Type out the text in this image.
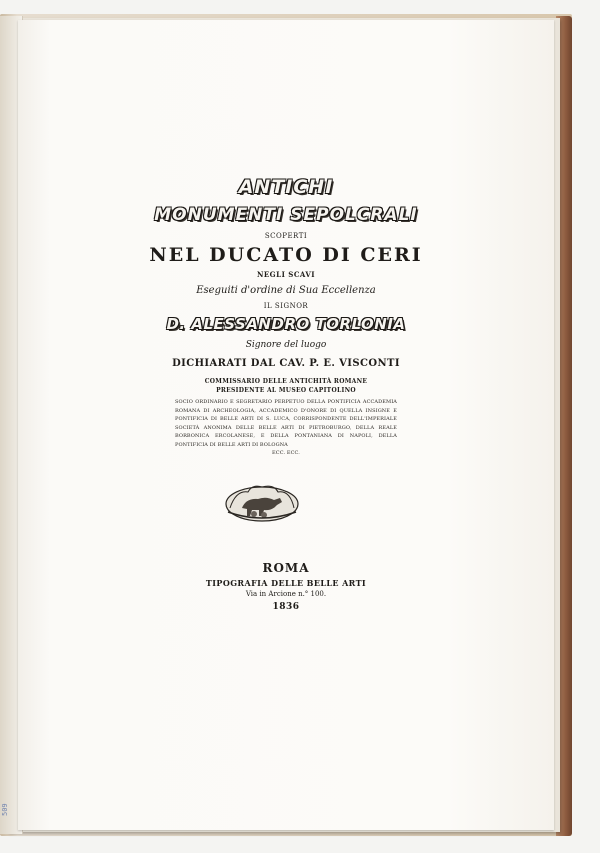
ANTICHI
MONUMENTI SEPOLCRALI
SCOPERTI
NEL DUCATO DI CERI
NEGLI SCAVI
Eseguiti d'ordine di Sua Eccellenza
IL SIGNOR
D. ALESSANDRO TORLONIA
Signore del luogo
DICHIARATI DAL CAV. P. E. VISCONTI
COMMISSARIO DELLE ANTICHITÀ ROMANE
PRESIDENTE AL MUSEO CAPITOLINO
SOCIO ORDINARIO E SEGRETARIO PERPETUO DELLA PONTIFICIA ACCADEMIA ROMANA DI ARCHEOLOGIA, ACCADEMICO D'ONORE DI QUELLA INSIGNE E PONTIFICIA DI BELLE ARTI DI S. LUCA, CORRISPONDENTE DELL'IMPERIALE SOCIETÀ ANONIMA DELLE BELLE ARTI DI PIETROBURGO, DELLA REALE BORBONICA ERCOLANESE, E DELLA PONTANIANA DI NAPOLI, DELLA PONTIFICIA DI BELLE ARTI DI BOLOGNA
ECC. ECC.
ROMA
TIPOGRAFIA DELLE BELLE ARTI
Via in Arcione n.° 100.
1836
509
